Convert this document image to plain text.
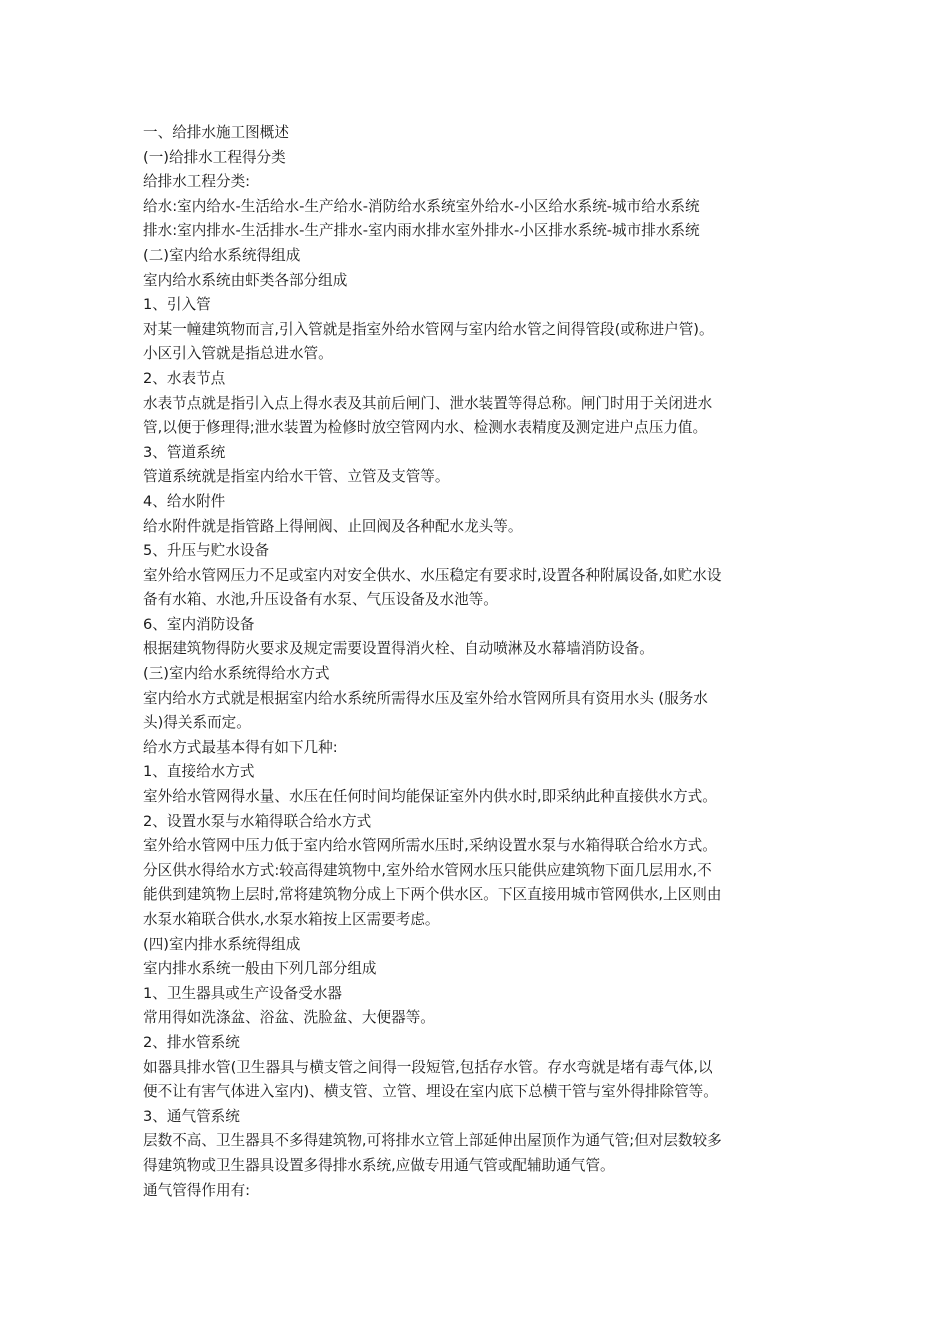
一、给排水施工图概述
(一)给排水工程得分类
给排水工程分类:
给水:室内给水-生活给水-生产给水-消防给水系统室外给水-小区给水系统-城市给水系统
排水:室内排水-生活排水-生产排水-室内雨水排水室外排水-小区排水系统-城市排水系统
(二)室内给水系统得组成
室内给水系统由虾类各部分组成
1、引入管
对某一幢建筑物而言,引入管就是指室外给水管网与室内给水管之间得管段(或称进户管)。
小区引入管就是指总进水管。
2、水表节点
水表节点就是指引入点上得水表及其前后闸门、泄水装置等得总称。闸门时用于关闭进水
管,以便于修理得;泄水装置为检修时放空管网内水、检测水表精度及测定进户点压力值。
3、管道系统
管道系统就是指室内给水干管、立管及支管等。
4、给水附件
给水附件就是指管路上得闸阀、止回阀及各种配水龙头等。
5、升压与贮水设备
室外给水管网压力不足或室内对安全供水、水压稳定有要求时,设置各种附属设备,如贮水设
备有水箱、水池,升压设备有水泵、气压设备及水池等。
6、室内消防设备
根据建筑物得防火要求及规定需要设置得消火栓、自动喷淋及水幕墙消防设备。
(三)室内给水系统得给水方式
室内给水方式就是根据室内给水系统所需得水压及室外给水管网所具有资用水头 (服务水
头)得关系而定。
给水方式最基本得有如下几种:
1、直接给水方式
室外给水管网得水量、水压在任何时间均能保证室外内供水时,即采纳此种直接供水方式。
2、设置水泵与水箱得联合给水方式
室外给水管网中压力低于室内给水管网所需水压时,采纳设置水泵与水箱得联合给水方式。
分区供水得给水方式:较高得建筑物中,室外给水管网水压只能供应建筑物下面几层用水,不
能供到建筑物上层时,常将建筑物分成上下两个供水区。下区直接用城市管网供水,上区则由
水泵水箱联合供水,水泵水箱按上区需要考虑。
(四)室内排水系统得组成
室内排水系统一般由下列几部分组成
1、卫生器具或生产设备受水器
常用得如洗涤盆、浴盆、洗脸盆、大便器等。
2、排水管系统
如器具排水管(卫生器具与横支管之间得一段短管,包括存水管。存水弯就是堵有毒气体,以
便不让有害气体进入室内)、横支管、立管、埋设在室内底下总横干管与室外得排除管等。
3、通气管系统
层数不高、卫生器具不多得建筑物,可将排水立管上部延伸出屋顶作为通气管;但对层数较多
得建筑物或卫生器具设置多得排水系统,应做专用通气管或配辅助通气管。
通气管得作用有:
